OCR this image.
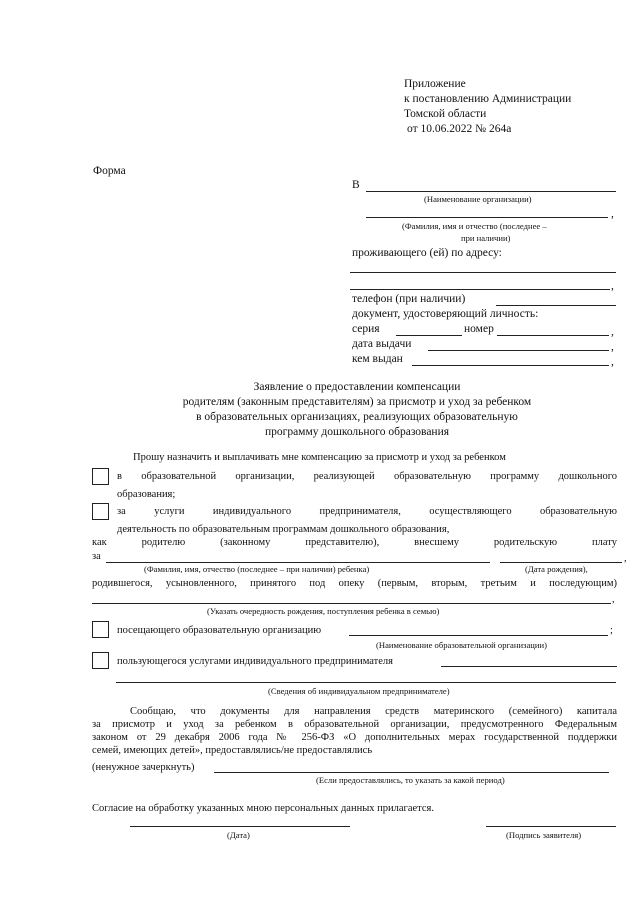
Приложение
к постановлению Администрации
Томской области
от 10.06.2022 № 264а
Форма
В
(Наименование организации)
,
(Фамилия, имя и отчество (последнее –
при наличии)
проживающего (ей) по адресу:
,
телефон (при наличии)
документ, удостоверяющий личность:
серия	номер	,
дата выдачи	,
кем выдан	,
Заявление о предоставлении компенсации
родителям (законным представителям) за присмотр и уход за ребенком
в образовательных организациях, реализующих образовательную
программу дошкольного образования
Прошу назначить и выплачивать мне компенсацию за присмотр и уход за ребенком
в образовательной организации, реализующей образовательную программу дошкольного
образования;
за услуги индивидуального предпринимателя, осуществляющего образовательную
деятельность по образовательным программам дошкольного образования,
как родителю (законному представителю), внесшему родительскую плату
за	,
(Фамилия, имя, отчество (последнее – при наличии) ребенка)	(Дата рождения),
родившегося, усыновленного, принятого под опеку (первым, вторым, третьим и последующим)
,
(Указать очередность рождения, поступления ребенка в семью)
посещающего образовательную организацию	;
(Наименование образовательной организации)
пользующегося услугами индивидуального предпринимателя
(Сведения об индивидуальном предпринимателе)
Сообщаю, что документы для направления средств материнского (семейного) капитала
за присмотр и уход за ребенком в образовательной организации, предусмотренного Федеральным
законом от 29 декабря 2006 года № 256-ФЗ «О дополнительных мерах государственной поддержки
семей, имеющих детей», предоставлялись/не предоставлялись
(ненужное зачеркнуть)
(Если предоставлялись, то указать за какой период)
Согласие на обработку указанных мною персональных данных прилагается.
(Дата)	(Подпись заявителя)
